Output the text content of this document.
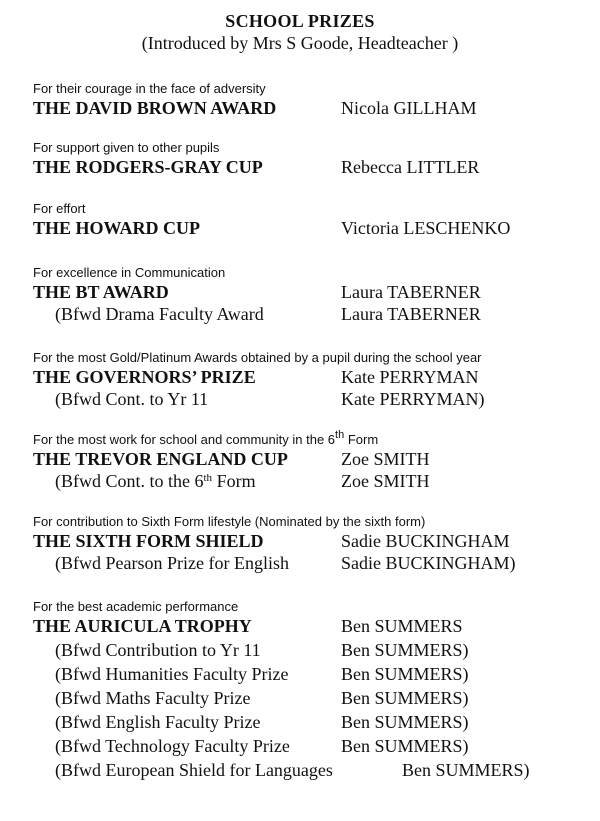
SCHOOL PRIZES
(Introduced by Mrs S Goode, Headteacher )
For their courage in the face of adversity
THE DAVID BROWN AWARD	Nicola GILLHAM
For support given to other pupils
THE RODGERS-GRAY CUP	Rebecca LITTLER
For effort
THE HOWARD CUP	Victoria LESCHENKO
For excellence in Communication
THE BT AWARD	Laura TABERNER
(Bfwd Drama Faculty Award	Laura TABERNER
For the most Gold/Platinum Awards obtained by a pupil during the school year
THE GOVERNORS’ PRIZE	Kate PERRYMAN
(Bfwd Cont. to Yr 11	Kate PERRYMAN)
For the most work for school and community in the 6th Form
THE TREVOR ENGLAND CUP	Zoe SMITH
(Bfwd Cont. to the 6th Form	Zoe SMITH
For contribution to Sixth Form lifestyle (Nominated by the sixth form)
THE SIXTH FORM SHIELD	Sadie BUCKINGHAM
(Bfwd Pearson Prize for English	Sadie BUCKINGHAM)
For the best academic performance
THE AURICULA TROPHY	Ben SUMMERS
(Bfwd Contribution to Yr 11	Ben SUMMERS)
(Bfwd Humanities Faculty Prize	Ben SUMMERS)
(Bfwd Maths Faculty Prize	Ben SUMMERS)
(Bfwd English Faculty Prize	Ben SUMMERS)
(Bfwd Technology Faculty Prize	Ben SUMMERS)
(Bfwd European Shield for Languages	Ben SUMMERS)
